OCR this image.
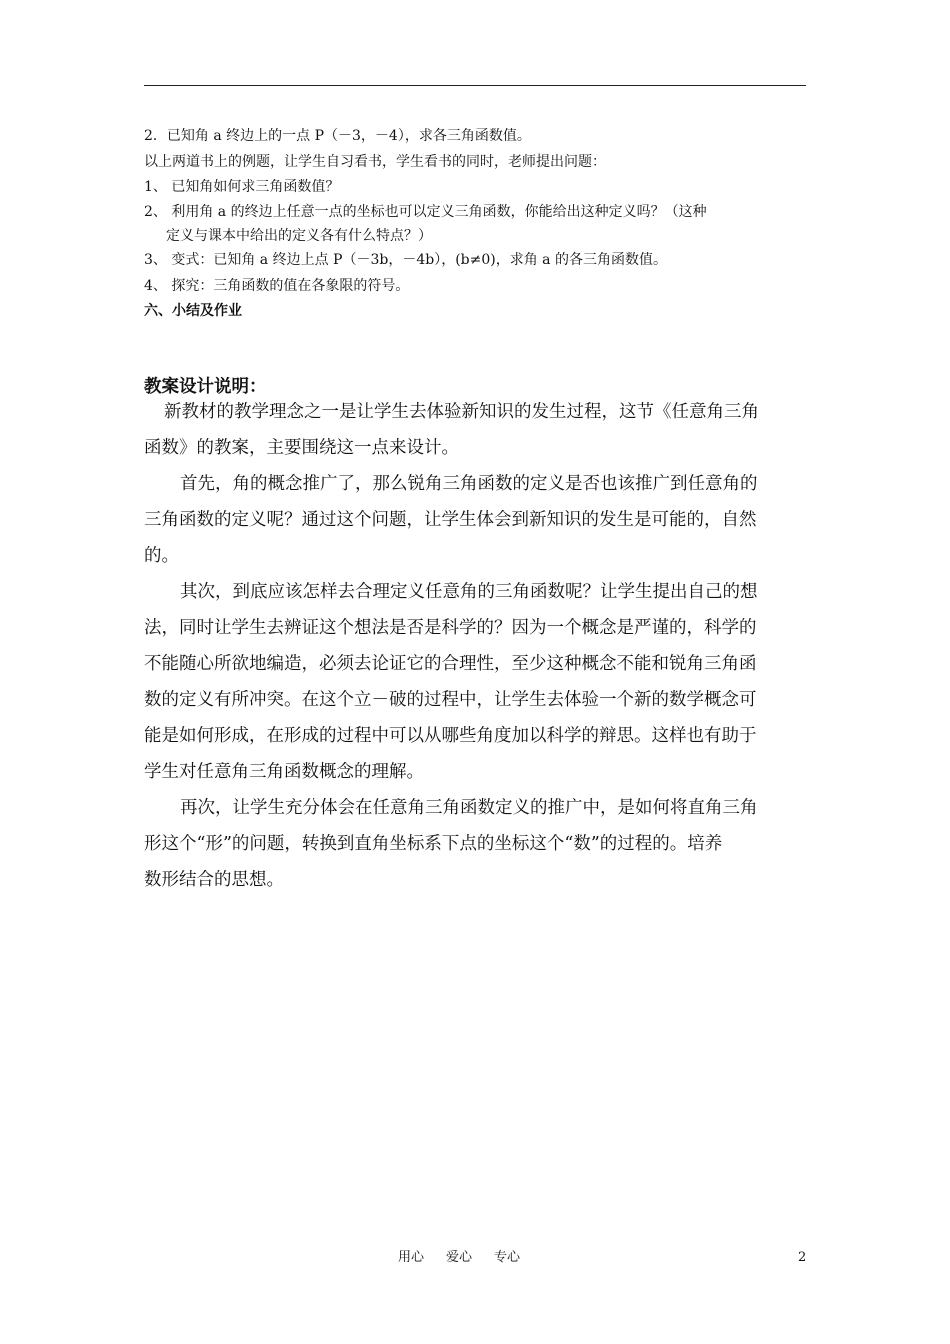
2．已知角 a 终边上的一点 P（－3，－4），求各三角函数值。
以上两道书上的例题，让学生自习看书，学生看书的同时，老师提出问题：
1、 已知角如何求三角函数值？
2、 利用角 a 的终边上任意一点的坐标也可以定义三角函数，你能给出这种定义吗？（这种
定义与课本中给出的定义各有什么特点？）
3、 变式：已知角 a 终边上点 P（－3b，－4b），(b≠0)，求角 a 的各三角函数值。
4、 探究：三角函数的值在各象限的符号。
六、小结及作业
教案设计说明：
新教材的教学理念之一是让学生去体验新知识的发生过程，这节《任意角三角
函数》的教案，主要围绕这一点来设计。
首先，角的概念推广了，那么锐角三角函数的定义是否也该推广到任意角的
三角函数的定义呢？通过这个问题，让学生体会到新知识的发生是可能的，自然
的。
其次，到底应该怎样去合理定义任意角的三角函数呢？让学生提出自己的想
法，同时让学生去辨证这个想法是否是科学的？因为一个概念是严谨的，科学的
不能随心所欲地编造，必须去论证它的合理性，至少这种概念不能和锐角三角函
数的定义有所冲突。在这个立－破的过程中，让学生去体验一个新的数学概念可
能是如何形成，在形成的过程中可以从哪些角度加以科学的辩思。这样也有助于
学生对任意角三角函数概念的理解。
再次，让学生充分体会在任意角三角函数定义的推广中，是如何将直角三角
形这个“形”的问题，转换到直角坐标系下点的坐标这个“数”的过程的。培养
数形结合的思想。
用心 爱心 专心	2
